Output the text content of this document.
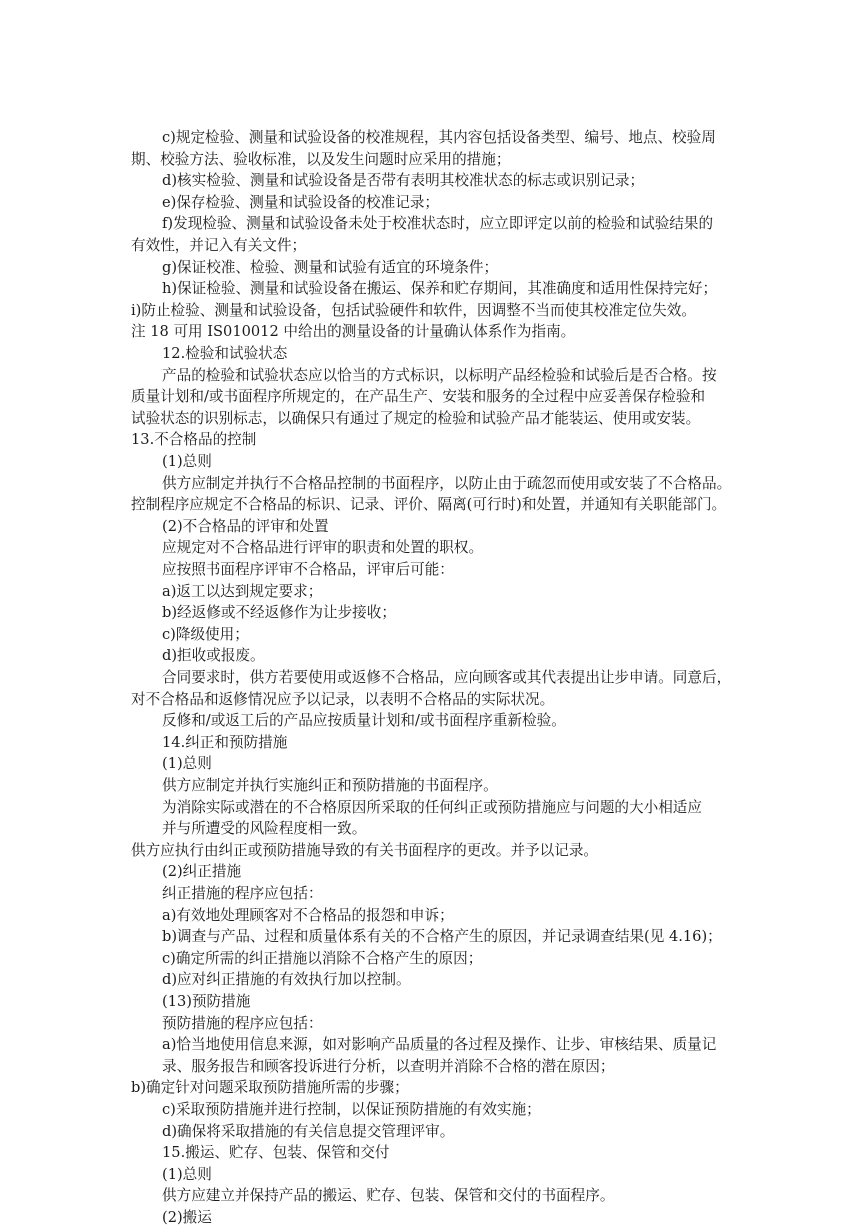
c)规定检验、测量和试验设备的校准规程，其内容包括设备类型、编号、地点、校验周
期、校验方法、验收标准，以及发生问题时应采用的措施；
d)核实检验、测量和试验设备是否带有表明其校准状态的标志或识别记录；
e)保存检验、测量和试验设备的校准记录；
f)发现检验、测量和试验设备未处于校准状态时，应立即评定以前的检验和试验结果的
有效性，并记入有关文件；
g)保证校准、检验、测量和试验有适宜的环境条件；
h)保证检验、测量和试验设备在搬运、保养和贮存期间，其准确度和适用性保持完好；
i)防止检验、测量和试验设备，包括试验硬件和软件，因调整不当而使其校准定位失效。
注 18 可用 IS010012 中给出的测量设备的计量确认体系作为指南。
12.检验和试验状态
产品的检验和试验状态应以恰当的方式标识，以标明产品经检验和试验后是否合格。按
质量计划和/或书面程序所规定的，在产品生产、安装和服务的全过程中应妥善保存检验和
试验状态的识别标志，以确保只有通过了规定的检验和试验产品才能装运、使用或安装。
13.不合格品的控制
(1)总则
供方应制定并执行不合格品控制的书面程序，以防止由于疏忽而使用或安装了不合格品。
控制程序应规定不合格品的标识、记录、评价、隔离(可行时)和处置，并通知有关职能部门。
(2)不合格品的评审和处置
应规定对不合格品进行评审的职责和处置的职权。
应按照书面程序评审不合格品，评审后可能：
a)返工以达到规定要求；
b)经返修或不经返修作为让步接收；
c)降级使用；
d)拒收或报废。
合同要求时，供方若要使用或返修不合格品，应向顾客或其代表提出让步申请。同意后，
对不合格品和返修情况应予以记录，以表明不合格品的实际状况。
反修和/或返工后的产品应按质量计划和/或书面程序重新检验。
14.纠正和预防措施
(1)总则
供方应制定并执行实施纠正和预防措施的书面程序。
为消除实际或潜在的不合格原因所采取的任何纠正或预防措施应与问题的大小相适应
并与所遭受的风险程度相一致。
供方应执行由纠正或预防措施导致的有关书面程序的更改。并予以记录。
(2)纠正措施
纠正措施的程序应包括：
a)有效地处理顾客对不合格品的报怨和申诉；
b)调查与产品、过程和质量体系有关的不合格产生的原因，并记录调查结果(见 4.16)；
c)确定所需的纠正措施以消除不合格产生的原因；
d)应对纠正措施的有效执行加以控制。
(13)预防措施
预防措施的程序应包括：
a)恰当地使用信息来源，如对影响产品质量的各过程及操作、让步、审核结果、质量记
录、服务报告和顾客投诉进行分析，以查明并消除不合格的潜在原因；
b)确定针对问题采取预防措施所需的步骤；
c)采取预防措施并进行控制，以保证预防措施的有效实施；
d)确保将采取措施的有关信息提交管理评审。
15.搬运、贮存、包装、保管和交付
(1)总则
供方应建立并保持产品的搬运、贮存、包装、保管和交付的书面程序。
(2)搬运
